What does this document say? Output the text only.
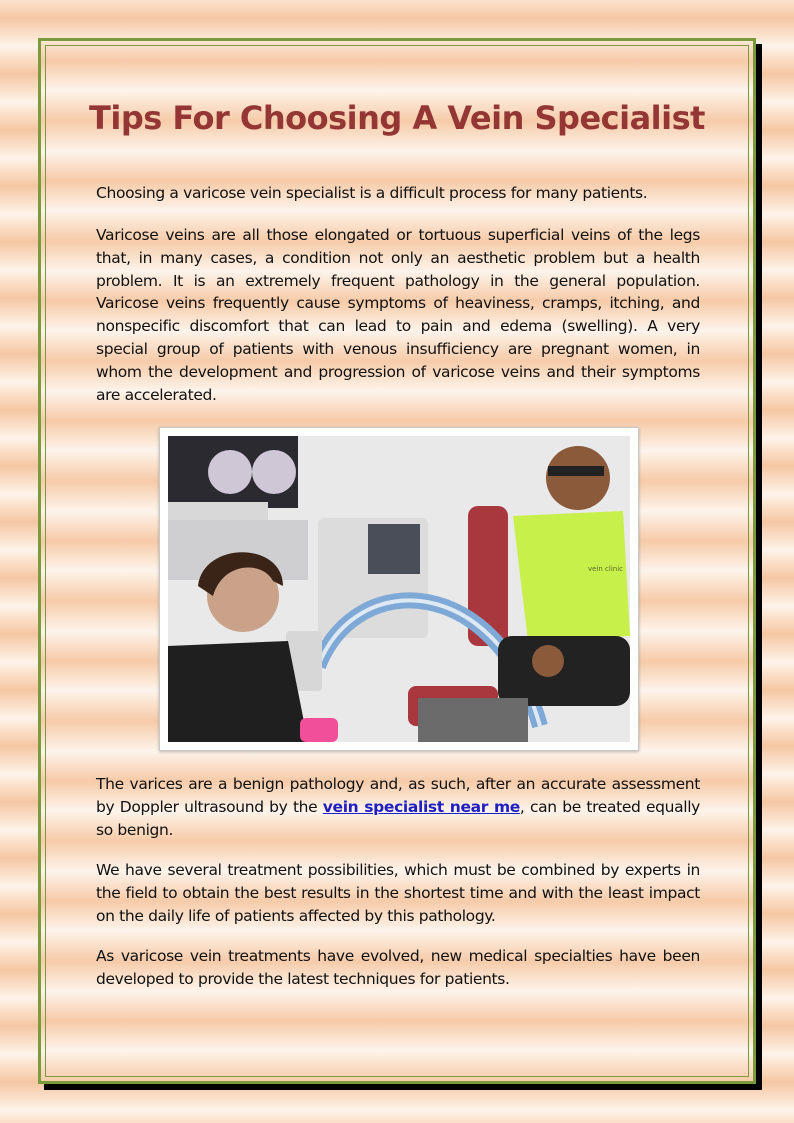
Tips For Choosing A Vein Specialist

Choosing a varicose vein specialist is a difficult process for many patients.

Varicose veins are all those elongated or tortuous superficial veins of the legs that, in many cases, a condition not only an aesthetic problem but a health problem. It is an extremely frequent pathology in the general population. Varicose veins frequently cause symptoms of heaviness, cramps, itching, and nonspecific discomfort that can lead to pain and edema (swelling). A very special group of patients with venous insufficiency are pregnant women, in whom the development and progression of varicose veins and their symptoms are accelerated.

vein clinic

The varices are a benign pathology and, as such, after an accurate assessment by Doppler ultrasound by the vein specialist near me, can be treated equally so benign.

We have several treatment possibilities, which must be combined by experts in the field to obtain the best results in the shortest time and with the least impact on the daily life of patients affected by this pathology.

As varicose vein treatments have evolved, new medical specialties have been developed to provide the latest techniques for patients.
